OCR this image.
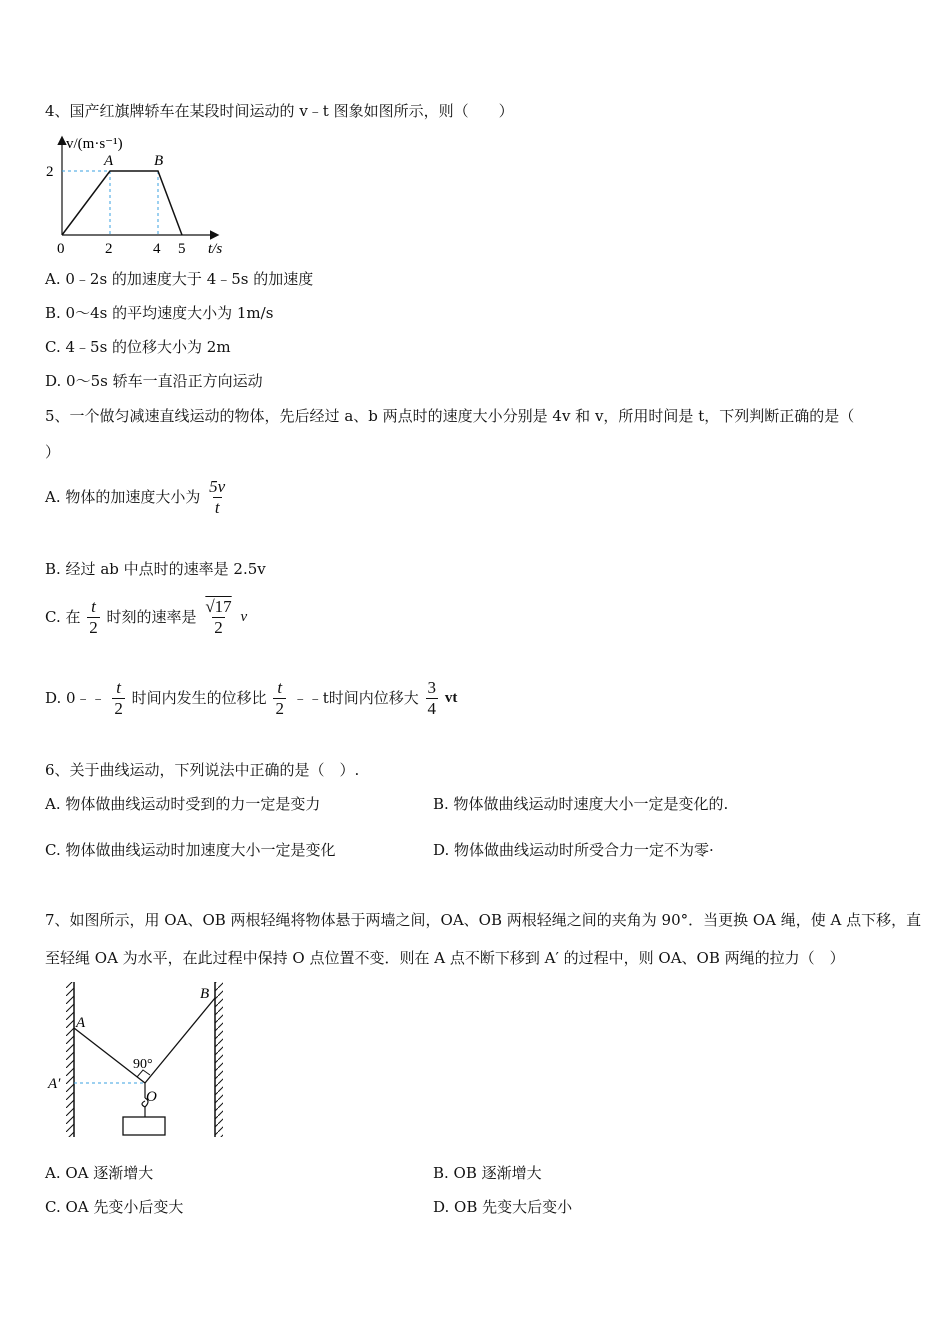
4、国产红旗牌轿车在某段时间运动的 v﹣t 图象如图所示，则（　　）
v/(m·s⁻¹)
A	B
2
0	2	4 5 t/s
A. 0﹣2s 的加速度大于 4﹣5s 的加速度
B. 0～4s 的平均速度大小为 1m/s
C. 4﹣5s 的位移大小为 2m
D. 0～5s 轿车一直沿正方向运动
5、一个做匀减速直线运动的物体，先后经过 a、b 两点时的速度大小分别是 4v 和 v，所用时间是 t，下列判断正确的是（
）
A. 物体的加速度大小为 $\frac{5v}{t}$
B. 经过 ab 中点时的速率是 2.5v
C. 在 $\frac{t}{2}$ 时刻的速率是 $\frac{√17}{2}$ v
D. 0﹣﹣ $\frac{t}{2}$ 时间内发生的位移比 $\frac{t}{2}$ ﹣﹣t时间内位移大 $\frac{3}{4}$ vt
6、关于曲线运动，下列说法中正确的是（　）.
A. 物体做曲线运动时受到的力一定是变力	B. 物体做曲线运动时速度大小一定是变化的.
C. 物体做曲线运动时加速度大小一定是变化	D. 物体做曲线运动时所受合力一定不为零·
7、如图所示，用 OA、OB 两根轻绳将物体悬于两墙之间，OA、OB 两根轻绳之间的夹角为 90°．当更换 OA 绳，使 A 点下移，直
至轻绳 OA 为水平，在此过程中保持 O 点位置不变．则在 A 点不断下移到 A′ 的过程中，则 OA、OB 两绳的拉力（　）
A
A′
B
O
90°
A. OA 逐渐增大	B. OB 逐渐增大
C. OA 先变小后变大	D. OB 先变大后变小
